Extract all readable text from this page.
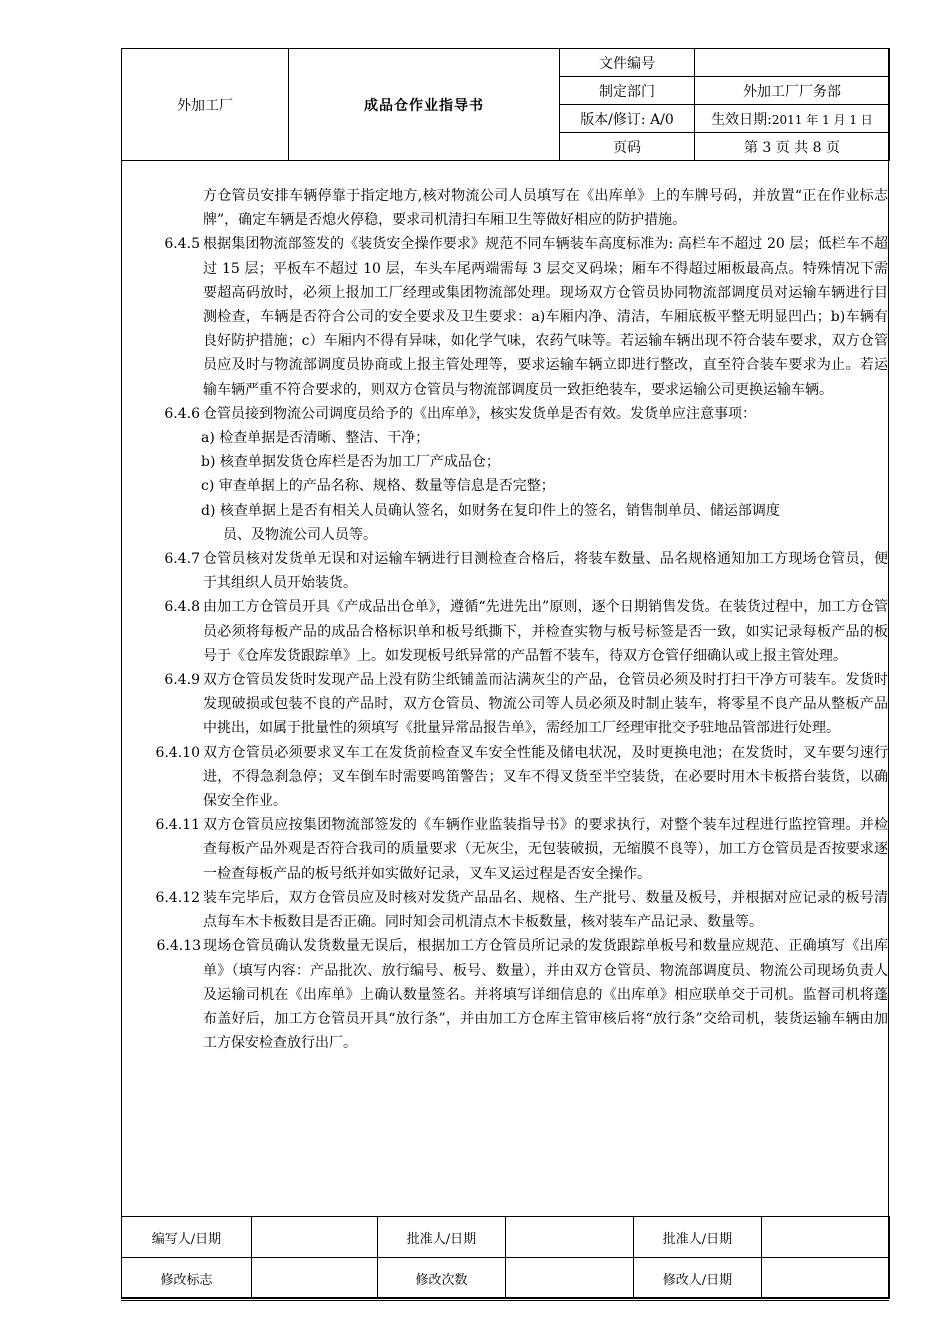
外加工厂	成品仓作业指导书	文件编号	
		制定部门	外加工厂厂务部
		版本/修订: A/0	生效日期:2011 年 1 月 1 日
		页码	第 3 页 共 8 页

方仓管员安排车辆停靠于指定地方,核对物流公司人员填写在《出库单》上的车牌号码，并放置“正在作业标志牌”，确定车辆是否熄火停稳，要求司机清扫车厢卫生等做好相应的防护措施。

6.4.5 根据集团物流部签发的《装货安全操作要求》规范不同车辆装车高度标准为: 高栏车不超过 20 层；低栏车不超过 15 层；平板车不超过 10 层，车头车尾两端需每 3 层交叉码垛；厢车不得超过厢板最高点。特殊情况下需要超高码放时，必须上报加工厂经理或集团物流部处理。现场双方仓管员协同物流部调度员对运输车辆进行目测检查，车辆是否符合公司的安全要求及卫生要求：a)车厢内净、清洁，车厢底板平整无明显凹凸；b)车辆有良好防护措施；c）车厢内不得有异味，如化学气味，农药气味等。若运输车辆出现不符合装车要求，双方仓管员应及时与物流部调度员协商或上报主管处理等，要求运输车辆立即进行整改，直至符合装车要求为止。若运输车辆严重不符合要求的，则双方仓管员与物流部调度员一致拒绝装车，要求运输公司更换运输车辆。
6.4.6 仓管员接到物流公司调度员给予的《出库单》，核实发货单是否有效。发货单应注意事项：

a) 检查单据是否清晰、整洁、干净；

b) 核查单据发货仓库栏是否为加工厂产成品仓；

c) 审查单据上的产品名称、规格、数量等信息是否完整；

d) 核查单据上是否有相关人员确认签名，如财务在复印件上的签名，销售制单员、储运部调度

员、及物流公司人员等。

6.4.7 仓管员核对发货单无误和对运输车辆进行目测检查合格后，将装车数量、品名规格通知加工方现场仓管员，便于其组织人员开始装货。
6.4.8 由加工方仓管员开具《产成品出仓单》，遵循“先进先出”原则，逐个日期销售发货。在装货过程中，加工方仓管员必须将每板产品的成品合格标识单和板号纸撕下，并检查实物与板号标签是否一致，如实记录每板产品的板号于《仓库发货跟踪单》上。如发现板号纸异常的产品暂不装车，待双方仓管仔细确认或上报主管处理。
6.4.9 双方仓管员发货时发现产品上没有防尘纸铺盖而沾满灰尘的产品，仓管员必须及时打扫干净方可装车。发货时发现破损或包装不良的产品时，双方仓管员、物流公司等人员必须及时制止装车，将零星不良产品从整板产品中挑出，如属于批量性的须填写《批量异常品报告单》，需经加工厂经理审批交予驻地品管部进行处理。
6.4.10 双方仓管员必须要求叉车工在发货前检查叉车安全性能及储电状况，及时更换电池；在发货时，叉车要匀速行进，不得急刹急停；叉车倒车时需要鸣笛警告；叉车不得叉货至半空装货，在必要时用木卡板搭台装货，以确保安全作业。
6.4.11 双方仓管员应按集团物流部签发的《车辆作业监装指导书》的要求执行，对整个装车过程进行监控管理。并检查每板产品外观是否符合我司的质量要求（无灰尘，无包装破损，无缩膜不良等），加工方仓管员是否按要求逐一检查每板产品的板号纸并如实做好记录，叉车叉运过程是否安全操作。
6.4.12 装车完毕后，双方仓管员应及时核对发货产品品名、规格、生产批号、数量及板号，并根据对应记录的板号清点每车木卡板数目是否正确。同时知会司机清点木卡板数量，核对装车产品记录、数量等。
6.4.13 现场仓管员确认发货数量无误后，根据加工方仓管员所记录的发货跟踪单板号和数量应规范、正确填写《出库单》（填写内容：产品批次、放行编号、板号、数量），并由双方仓管员、物流部调度员、物流公司现场负责人及运输司机在《出库单》上确认数量签名。并将填写详细信息的《出库单》相应联单交于司机。监督司机将蓬布盖好后，加工方仓管员开具“放行条”，并由加工方仓库主管审核后将“放行条”交给司机，装货运输车辆由加工方保安检查放行出厂。
编写人/日期		批准人/日期		批准人/日期	
修改标志		修改次数		修改人/日期	
